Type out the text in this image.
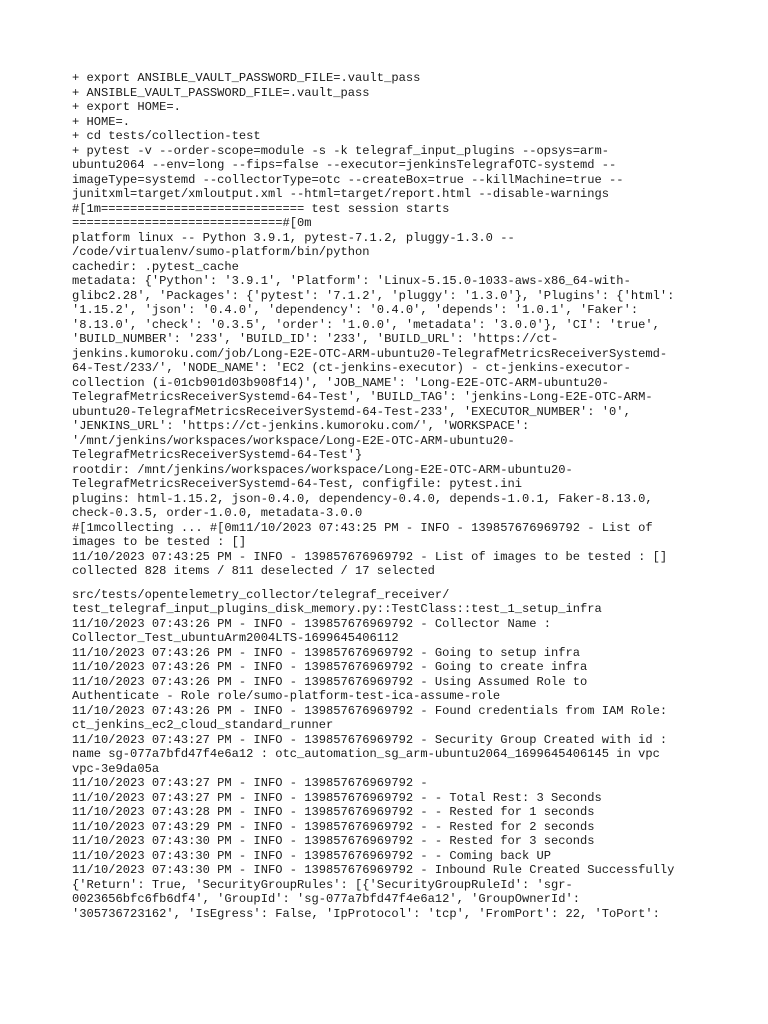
+ export ANSIBLE_VAULT_PASSWORD_FILE=.vault_pass
+ ANSIBLE_VAULT_PASSWORD_FILE=.vault_pass
+ export HOME=.
+ HOME=.
+ cd tests/collection-test
+ pytest -v --order-scope=module -s -k telegraf_input_plugins --opsys=arm-
ubuntu2064 --env=long --fips=false --executor=jenkinsTelegrafOTC-systemd --
imageType=systemd --collectorType=otc --createBox=true --killMachine=true --
junitxml=target/xmloutput.xml --html=target/report.html --disable-warnings
#[1m============================ test session starts
=============================#[0m
platform linux -- Python 3.9.1, pytest-7.1.2, pluggy-1.3.0 --
/code/virtualenv/sumo-platform/bin/python
cachedir: .pytest_cache
metadata: {'Python': '3.9.1', 'Platform': 'Linux-5.15.0-1033-aws-x86_64-with-
glibc2.28', 'Packages': {'pytest': '7.1.2', 'pluggy': '1.3.0'}, 'Plugins': {'html':
'1.15.2', 'json': '0.4.0', 'dependency': '0.4.0', 'depends': '1.0.1', 'Faker':
'8.13.0', 'check': '0.3.5', 'order': '1.0.0', 'metadata': '3.0.0'}, 'CI': 'true',
'BUILD_NUMBER': '233', 'BUILD_ID': '233', 'BUILD_URL': 'https://ct-
jenkins.kumoroku.com/job/Long-E2E-OTC-ARM-ubuntu20-TelegrafMetricsReceiverSystemd-
64-Test/233/', 'NODE_NAME': 'EC2 (ct-jenkins-executor) - ct-jenkins-executor-
collection (i-01cb901d03b908f14)', 'JOB_NAME': 'Long-E2E-OTC-ARM-ubuntu20-
TelegrafMetricsReceiverSystemd-64-Test', 'BUILD_TAG': 'jenkins-Long-E2E-OTC-ARM-
ubuntu20-TelegrafMetricsReceiverSystemd-64-Test-233', 'EXECUTOR_NUMBER': '0',
'JENKINS_URL': 'https://ct-jenkins.kumoroku.com/', 'WORKSPACE':
'/mnt/jenkins/workspaces/workspace/Long-E2E-OTC-ARM-ubuntu20-
TelegrafMetricsReceiverSystemd-64-Test'}
rootdir: /mnt/jenkins/workspaces/workspace/Long-E2E-OTC-ARM-ubuntu20-
TelegrafMetricsReceiverSystemd-64-Test, configfile: pytest.ini
plugins: html-1.15.2, json-0.4.0, dependency-0.4.0, depends-1.0.1, Faker-8.13.0,
check-0.3.5, order-1.0.0, metadata-3.0.0
#[1mcollecting ... #[0m11/10/2023 07:43:25 PM - INFO - 139857676969792 - List of
images to be tested : []
11/10/2023 07:43:25 PM - INFO - 139857676969792 - List of images to be tested : []
collected 828 items / 811 deselected / 17 selected
src/tests/opentelemetry_collector/telegraf_receiver/
test_telegraf_input_plugins_disk_memory.py::TestClass::test_1_setup_infra
11/10/2023 07:43:26 PM - INFO - 139857676969792 - Collector Name :
Collector_Test_ubuntuArm2004LTS-1699645406112
11/10/2023 07:43:26 PM - INFO - 139857676969792 - Going to setup infra
11/10/2023 07:43:26 PM - INFO - 139857676969792 - Going to create infra
11/10/2023 07:43:26 PM - INFO - 139857676969792 - Using Assumed Role to
Authenticate - Role role/sumo-platform-test-ica-assume-role
11/10/2023 07:43:26 PM - INFO - 139857676969792 - Found credentials from IAM Role:
ct_jenkins_ec2_cloud_standard_runner
11/10/2023 07:43:27 PM - INFO - 139857676969792 - Security Group Created with id :
name sg-077a7bfd47f4e6a12 : otc_automation_sg_arm-ubuntu2064_1699645406145 in vpc
vpc-3e9da05a
11/10/2023 07:43:27 PM - INFO - 139857676969792 -
11/10/2023 07:43:27 PM - INFO - 139857676969792 - - Total Rest: 3 Seconds
11/10/2023 07:43:28 PM - INFO - 139857676969792 - - Rested for 1 seconds
11/10/2023 07:43:29 PM - INFO - 139857676969792 - - Rested for 2 seconds
11/10/2023 07:43:30 PM - INFO - 139857676969792 - - Rested for 3 seconds
11/10/2023 07:43:30 PM - INFO - 139857676969792 - - Coming back UP
11/10/2023 07:43:30 PM - INFO - 139857676969792 - Inbound Rule Created Successfully
{'Return': True, 'SecurityGroupRules': [{'SecurityGroupRuleId': 'sgr-
0023656bfc6fb6df4', 'GroupId': 'sg-077a7bfd47f4e6a12', 'GroupOwnerId':
'305736723162', 'IsEgress': False, 'IpProtocol': 'tcp', 'FromPort': 22, 'ToPort':
